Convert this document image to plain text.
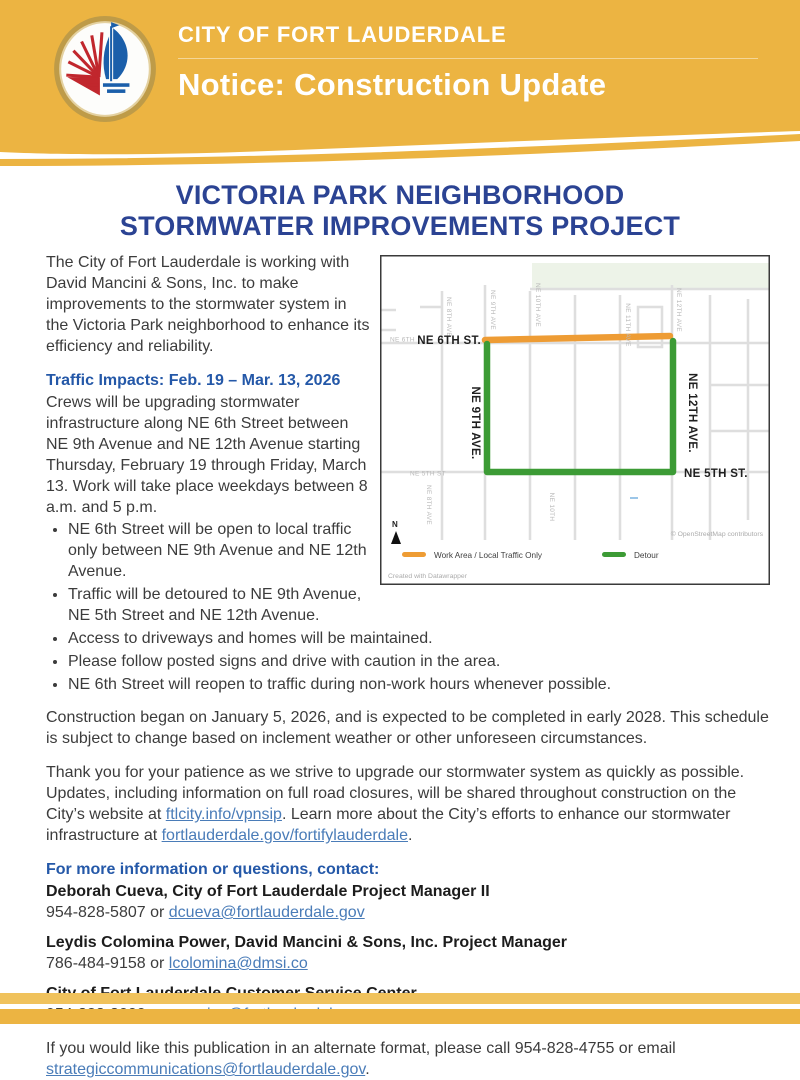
CITY OF FORT LAUDERDALE
Notice: Construction Update
VICTORIA PARK NEIGHBORHOOD
STORMWATER IMPROVEMENTS PROJECT
NE 8TH AVE	NE 9TH AVE	NE 10TH AVE	NE 11TH AVE	NE 12TH AVE
NE 6TH
NE 5TH ST
NE 8TH AVE	NE 10TH
NE 6TH ST.
NE 5TH ST.
NE 9TH AVE.	NE 12TH AVE.
N
© OpenStreetMap contributors
Work Area / Local Traffic Only	Detour
Created with Datawrapper

The City of Fort Lauderdale is working with David Mancini & Sons, Inc. to make improvements to the stormwater system in the Victoria Park neighborhood to enhance its efficiency and reliability.

Traffic Impacts: Feb. 19 – Mar. 13, 2026

Crews will be upgrading stormwater infrastructure along NE 6th Street between NE 9th Avenue and NE 12th Avenue starting Thursday, February 19 through Friday, March 13. Work will take place weekdays between 8 a.m. and 5 p.m.

• NE 6th Street will be open to local traffic only between NE 9th Avenue and NE 12th Avenue.
• Traffic will be detoured to NE 9th Avenue, NE 5th Street and NE 12th Avenue.
• Access to driveways and homes will be maintained.
• Please follow posted signs and drive with caution in the area.
• NE 6th Street will reopen to traffic during non-work hours whenever possible.

Construction began on January 5, 2026, and is expected to be completed in early 2028. This schedule is subject to change based on inclement weather or other unforeseen circumstances.

Thank you for your patience as we strive to upgrade our stormwater system as quickly as possible. Updates, including information on full road closures, will be shared throughout construction on the City’s website at ftlcity.info/vpnsip. Learn more about the City’s efforts to enhance our stormwater infrastructure at fortlauderdale.gov/fortifylauderdale.

For more information or questions, contact:
Deborah Cueva, City of Fort Lauderdale Project Manager II
954-828-5807 or dcueva@fortlauderdale.gov
Leydis Colomina Power, David Mancini & Sons, Inc. Project Manager
786-484-9158 or lcolomina@dmsi.co

If you would like this publication in an alternate format, please call 954-828-4755 or email strategiccommunications@fortlauderdale.gov.
